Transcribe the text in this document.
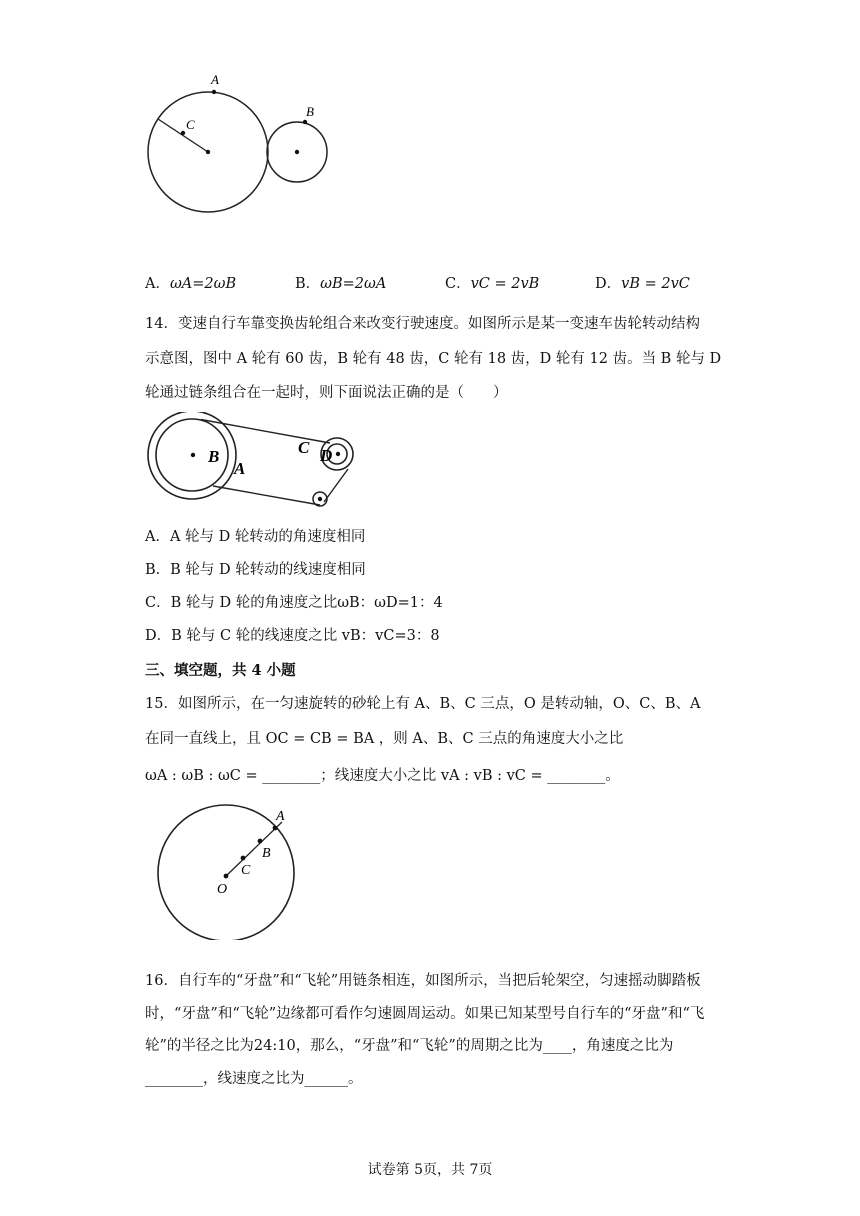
A
B
C
A．ωA=2ωB	B．ωB=2ωA	C．vC = 2vB	D．vB = 2vC
14．变速自行车靠变换齿轮组合来改变行驶速度。如图所示是某一变速车齿轮转动结构
示意图，图中 A 轮有 60 齿，B 轮有 48 齿，C 轮有 18 齿，D 轮有 12 齿。当 B 轮与 D
轮通过链条组合在一起时，则下面说法正确的是（　　）
B
A
C D
A．A 轮与 D 轮转动的角速度相同
B．B 轮与 D 轮转动的线速度相同
C．B 轮与 D 轮的角速度之比ωB：ωD=1：4
D．B 轮与 C 轮的线速度之比 vB：vC=3：8
三、填空题，共 4 小题
15．如图所示，在一匀速旋转的砂轮上有 A、B、C 三点，O 是转动轴，O、C、B、A
在同一直线上，且 OC = CB = BA ，则 A、B、C 三点的角速度大小之比
ωA : ωB : ωC = ________；线速度大小之比 vA : vB : vC = ________。
A
B
C
O
16．自行车的“牙盘”和“飞轮”用链条相连，如图所示，当把后轮架空，匀速摇动脚踏板
时，“牙盘”和“飞轮”边缘都可看作匀速圆周运动。如果已知某型号自行车的“牙盘”和“飞
轮”的半径之比为24:10，那么，“牙盘”和“飞轮”的周期之比为____，角速度之比为
________，线速度之比为______。
试卷第 5页，共 7页
